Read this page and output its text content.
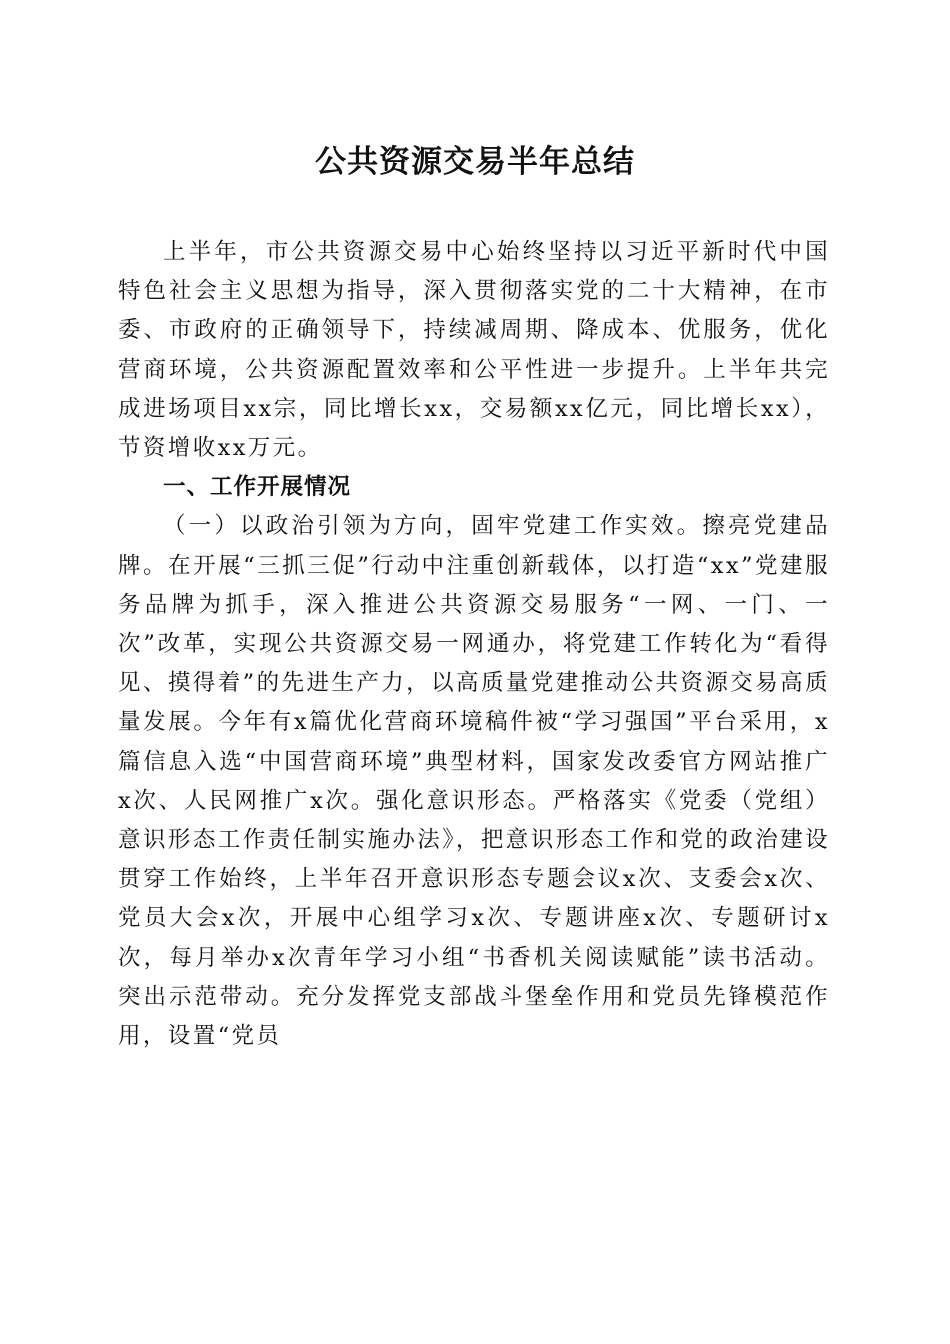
公共资源交易半年总结

上半年，市公共资源交易中心始终坚持以习近平新时代中国特色社会主义思想为指导，深入贯彻落实党的二十大精神，在市委、市政府的正确领导下，持续减周期、降成本、优服务，优化营商环境，公共资源配置效率和公平性进一步提升。上半年共完成进场项目xx宗，同比增长xx，交易额xx亿元，同比增长xx），节资增收xx万元。

一、工作开展情况

（一）以政治引领为方向，固牢党建工作实效。擦亮党建品牌。在开展“三抓三促”行动中注重创新载体，以打造“xx”党建服务品牌为抓手，深入推进公共资源交易服务“一网、一门、一次”改革，实现公共资源交易一网通办，将党建工作转化为“看得见、摸得着”的先进生产力，以高质量党建推动公共资源交易高质量发展。今年有x篇优化营商环境稿件被“学习强国”平台采用，x篇信息入选“中国营商环境”典型材料，国家发改委官方网站推广x次、人民网推广x次。强化意识形态。严格落实《党委（党组）意识形态工作责任制实施办法》，把意识形态工作和党的政治建设贯穿工作始终，上半年召开意识形态专题会议x次、支委会x次、党员大会x次，开展中心组学习x次、专题讲座x次、专题研讨x次，每月举办x次青年学习小组“书香机关阅读赋能”读书活动。突出示范带动。充分发挥党支部战斗堡垒作用和党员先锋模范作用，设置“党员
